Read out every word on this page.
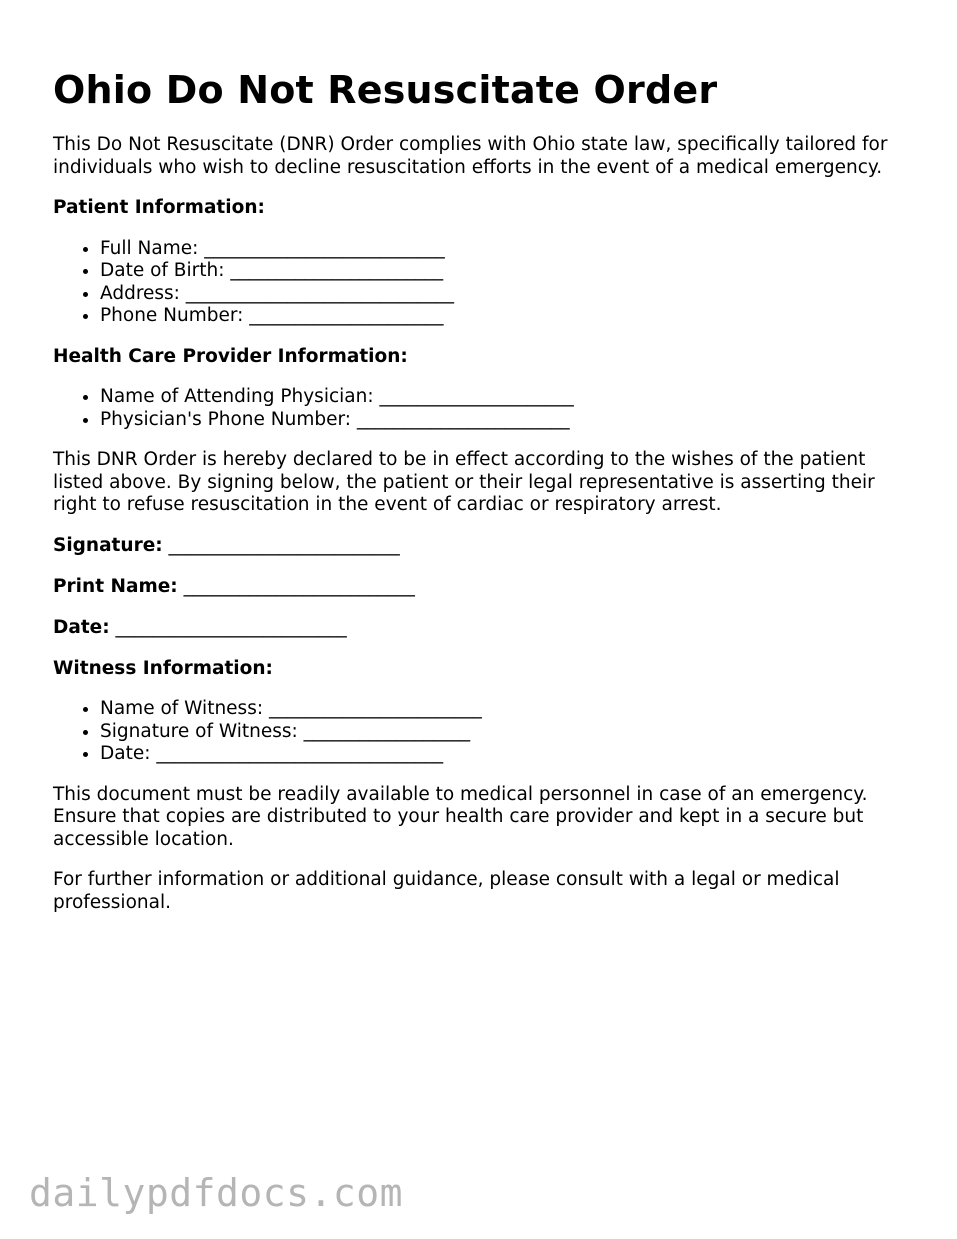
Ohio Do Not Resuscitate Order

This Do Not Resuscitate (DNR) Order complies with Ohio state law, specifically tailored for individuals who wish to decline resuscitation efforts in the event of a medical emergency.

Patient Information:
• Full Name: __________________________
• Date of Birth: _______________________
• Address: _____________________________
• Phone Number: _____________________
Health Care Provider Information:
• Name of Attending Physician: _____________________
• Physician's Phone Number: _______________________

This DNR Order is hereby declared to be in effect according to the wishes of the patient listed above. By signing below, the patient or their legal representative is asserting their right to refuse resuscitation in the event of cardiac or respiratory arrest.

Signature: _________________________
Print Name: _________________________
Date: _________________________
Witness Information:
• Name of Witness: _______________________
• Signature of Witness: __________________
• Date: _______________________________

This document must be readily available to medical personnel in case of an emergency. Ensure that copies are distributed to your health care provider and kept in a secure but accessible location.

For further information or additional guidance, please consult with a legal or medical professional.

dailypdfdocs.com
